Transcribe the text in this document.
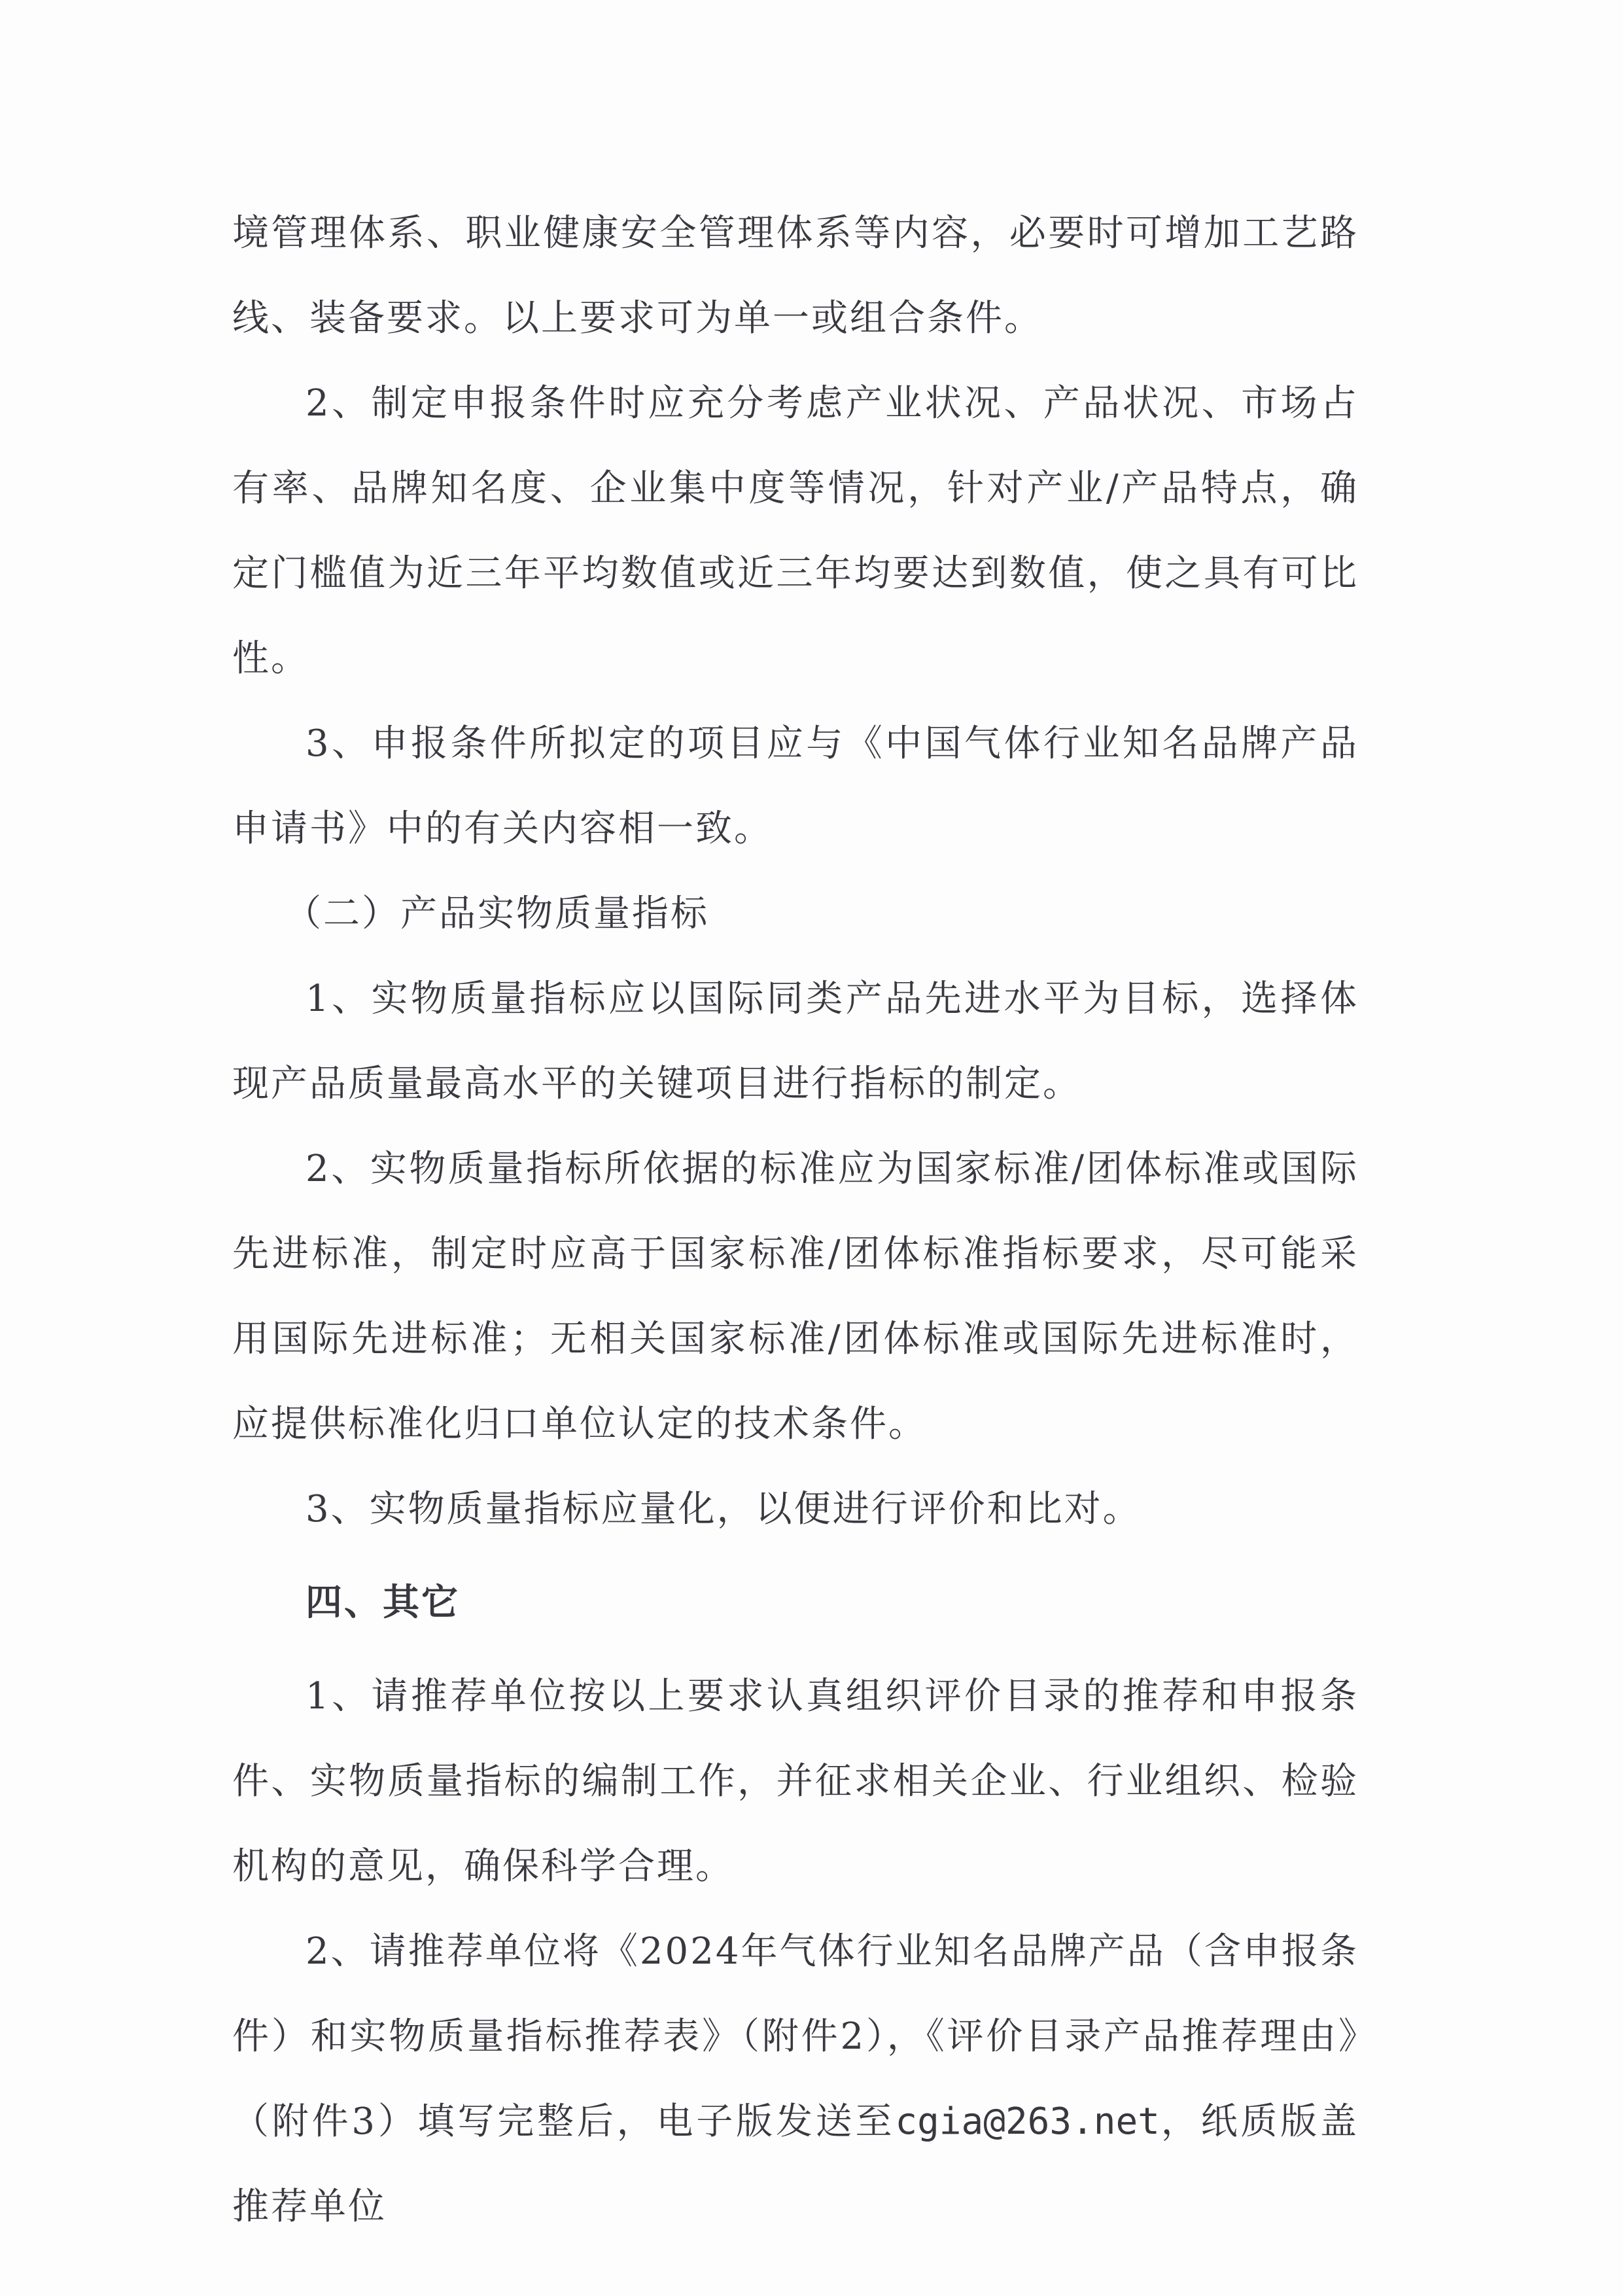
境管理体系、职业健康安全管理体系等内容，必要时可增加工艺路线、装备要求。以上要求可为单一或组合条件。

2、制定申报条件时应充分考虑产业状况、产品状况、市场占有率、品牌知名度、企业集中度等情况，针对产业/产品特点，确定门槛值为近三年平均数值或近三年均要达到数值，使之具有可比性。

3、申报条件所拟定的项目应与《中国气体行业知名品牌产品申请书》中的有关内容相一致。

（二）产品实物质量指标

1、实物质量指标应以国际同类产品先进水平为目标，选择体现产品质量最高水平的关键项目进行指标的制定。

2、实物质量指标所依据的标准应为国家标准/团体标准或国际先进标准，制定时应高于国家标准/团体标准指标要求，尽可能采用国际先进标准；无相关国家标准/团体标准或国际先进标准时，应提供标准化归口单位认定的技术条件。

3、实物质量指标应量化，以便进行评价和比对。

四、其它

1、请推荐单位按以上要求认真组织评价目录的推荐和申报条件、实物质量指标的编制工作，并征求相关企业、行业组织、检验机构的意见，确保科学合理。

2、请推荐单位将《2024年气体行业知名品牌产品（含申报条件）和实物质量指标推荐表》（附件2），《评价目录产品推荐理由》（附件3）填写完整后，电子版发送至cgia@263.net，纸质版盖推荐单位
